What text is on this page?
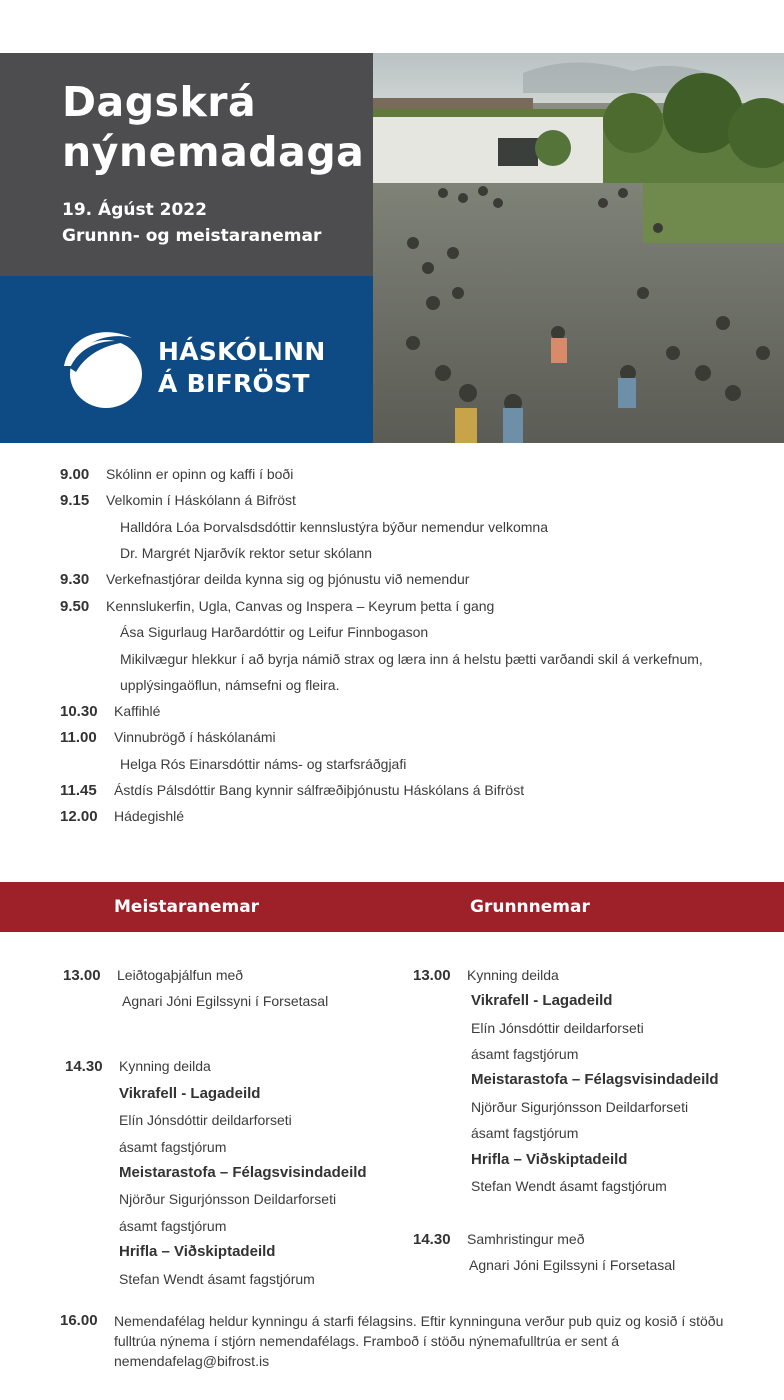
Dagskrá
nýnemadaga
19. Ágúst 2022
Grunnn- og meistaranemar
HÁSKÓLINN
Á BIFRÖST
9.00 Skólinn er opinn og kaffi í boði
9.15 Velkomin í Háskólann á Bifröst
Halldóra Lóa Þorvalsdsdóttir kennslustýra býður nemendur velkomna
Dr. Margrét Njarðvík rektor setur skólann
9.30 Verkefnastjórar deilda kynna sig og þjónustu við nemendur
9.50 Kennslukerfin, Ugla, Canvas og Inspera – Keyrum þetta í gang
Ása Sigurlaug Harðardóttir og Leifur Finnbogason
Mikilvægur hlekkur í að byrja námið strax og læra inn á helstu þætti varðandi skil á verkefnum,
upplýsingaöflun, námsefni og fleira.
10.30 Kaffihlé
11.00 Vinnubrögð í háskólanámi
Helga Rós Einarsdóttir náms- og starfsráðgjafi
11.45 Ástdís Pálsdóttir Bang kynnir sálfræðiþjónustu Háskólans á Bifröst
12.00 Hádegishlé
Meistaranemar	Grunnnemar
13.00 Leiðtogaþjálfun með
Agnari Jóni Egilssyni í Forsetasal
14.30 Kynning deilda
Vikrafell - Lagadeild
Elín Jónsdóttir deildarforseti
ásamt fagstjórum
Meistarastofa – Félagsvisindadeild
Njörður Sigurjónsson Deildarforseti
ásamt fagstjórum
Hrifla – Viðskiptadeild
Stefan Wendt ásamt fagstjórum
13.00 Kynning deilda
Vikrafell - Lagadeild
Elín Jónsdóttir deildarforseti
ásamt fagstjórum
Meistarastofa – Félagsvisindadeild
Njörður Sigurjónsson Deildarforseti
ásamt fagstjórum
Hrifla – Viðskiptadeild
Stefan Wendt ásamt fagstjórum
14.30 Samhristingur með
Agnari Jóni Egilssyni í Forsetasal
16.00 Nemendafélag heldur kynningu á starfi félagsins. Eftir kynninguna verður pub quiz og kosið í stöðu fulltrúa nýnema í stjórn nemendafélags. Framboð í stöðu nýnemafulltrúa er sent á nemendafelag@bifrost.is
